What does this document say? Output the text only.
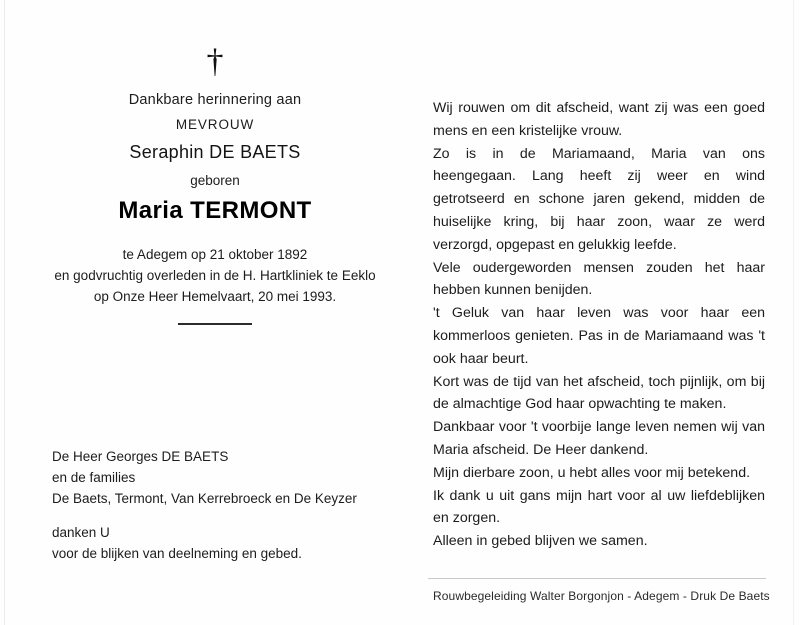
†
Dankbare herinnering aan
MEVROUW
Seraphin DE BAETS
geboren
Maria TERMONT
te Adegem op 21 oktober 1892
en godvruchtig overleden in de H. Hartkliniek te Eeklo
op Onze Heer Hemelvaart, 20 mei 1993.
De Heer Georges DE BAETS
en de families
De Baets, Termont, Van Kerrebroeck en De Keyzer
danken U
voor de blijken van deelneming en gebed.

Wij rouwen om dit afscheid, want zij was een goed mens en een kristelijke vrouw.

Zo is in de Mariamaand, Maria van ons heengegaan. Lang heeft zij weer en wind getrotseerd en schone jaren gekend, midden de huiselijke kring, bij haar zoon, waar ze werd verzorgd, opgepast en gelukkig leefde.

Vele oudergeworden mensen zouden het haar hebben kunnen benijden.

't Geluk van haar leven was voor haar een kommerloos genieten. Pas in de Mariamaand was 't ook haar beurt.

Kort was de tijd van het afscheid, toch pijnlijk, om bij de almachtige God haar opwachting te maken.

Dankbaar voor 't voorbije lange leven nemen wij van Maria afscheid. De Heer dankend.

Mijn dierbare zoon, u hebt alles voor mij betekend.

Ik dank u uit gans mijn hart voor al uw liefdeblijken en zorgen.

Alleen in gebed blijven we samen.

Rouwbegeleiding Walter Borgonjon - Adegem - Druk De Baets
